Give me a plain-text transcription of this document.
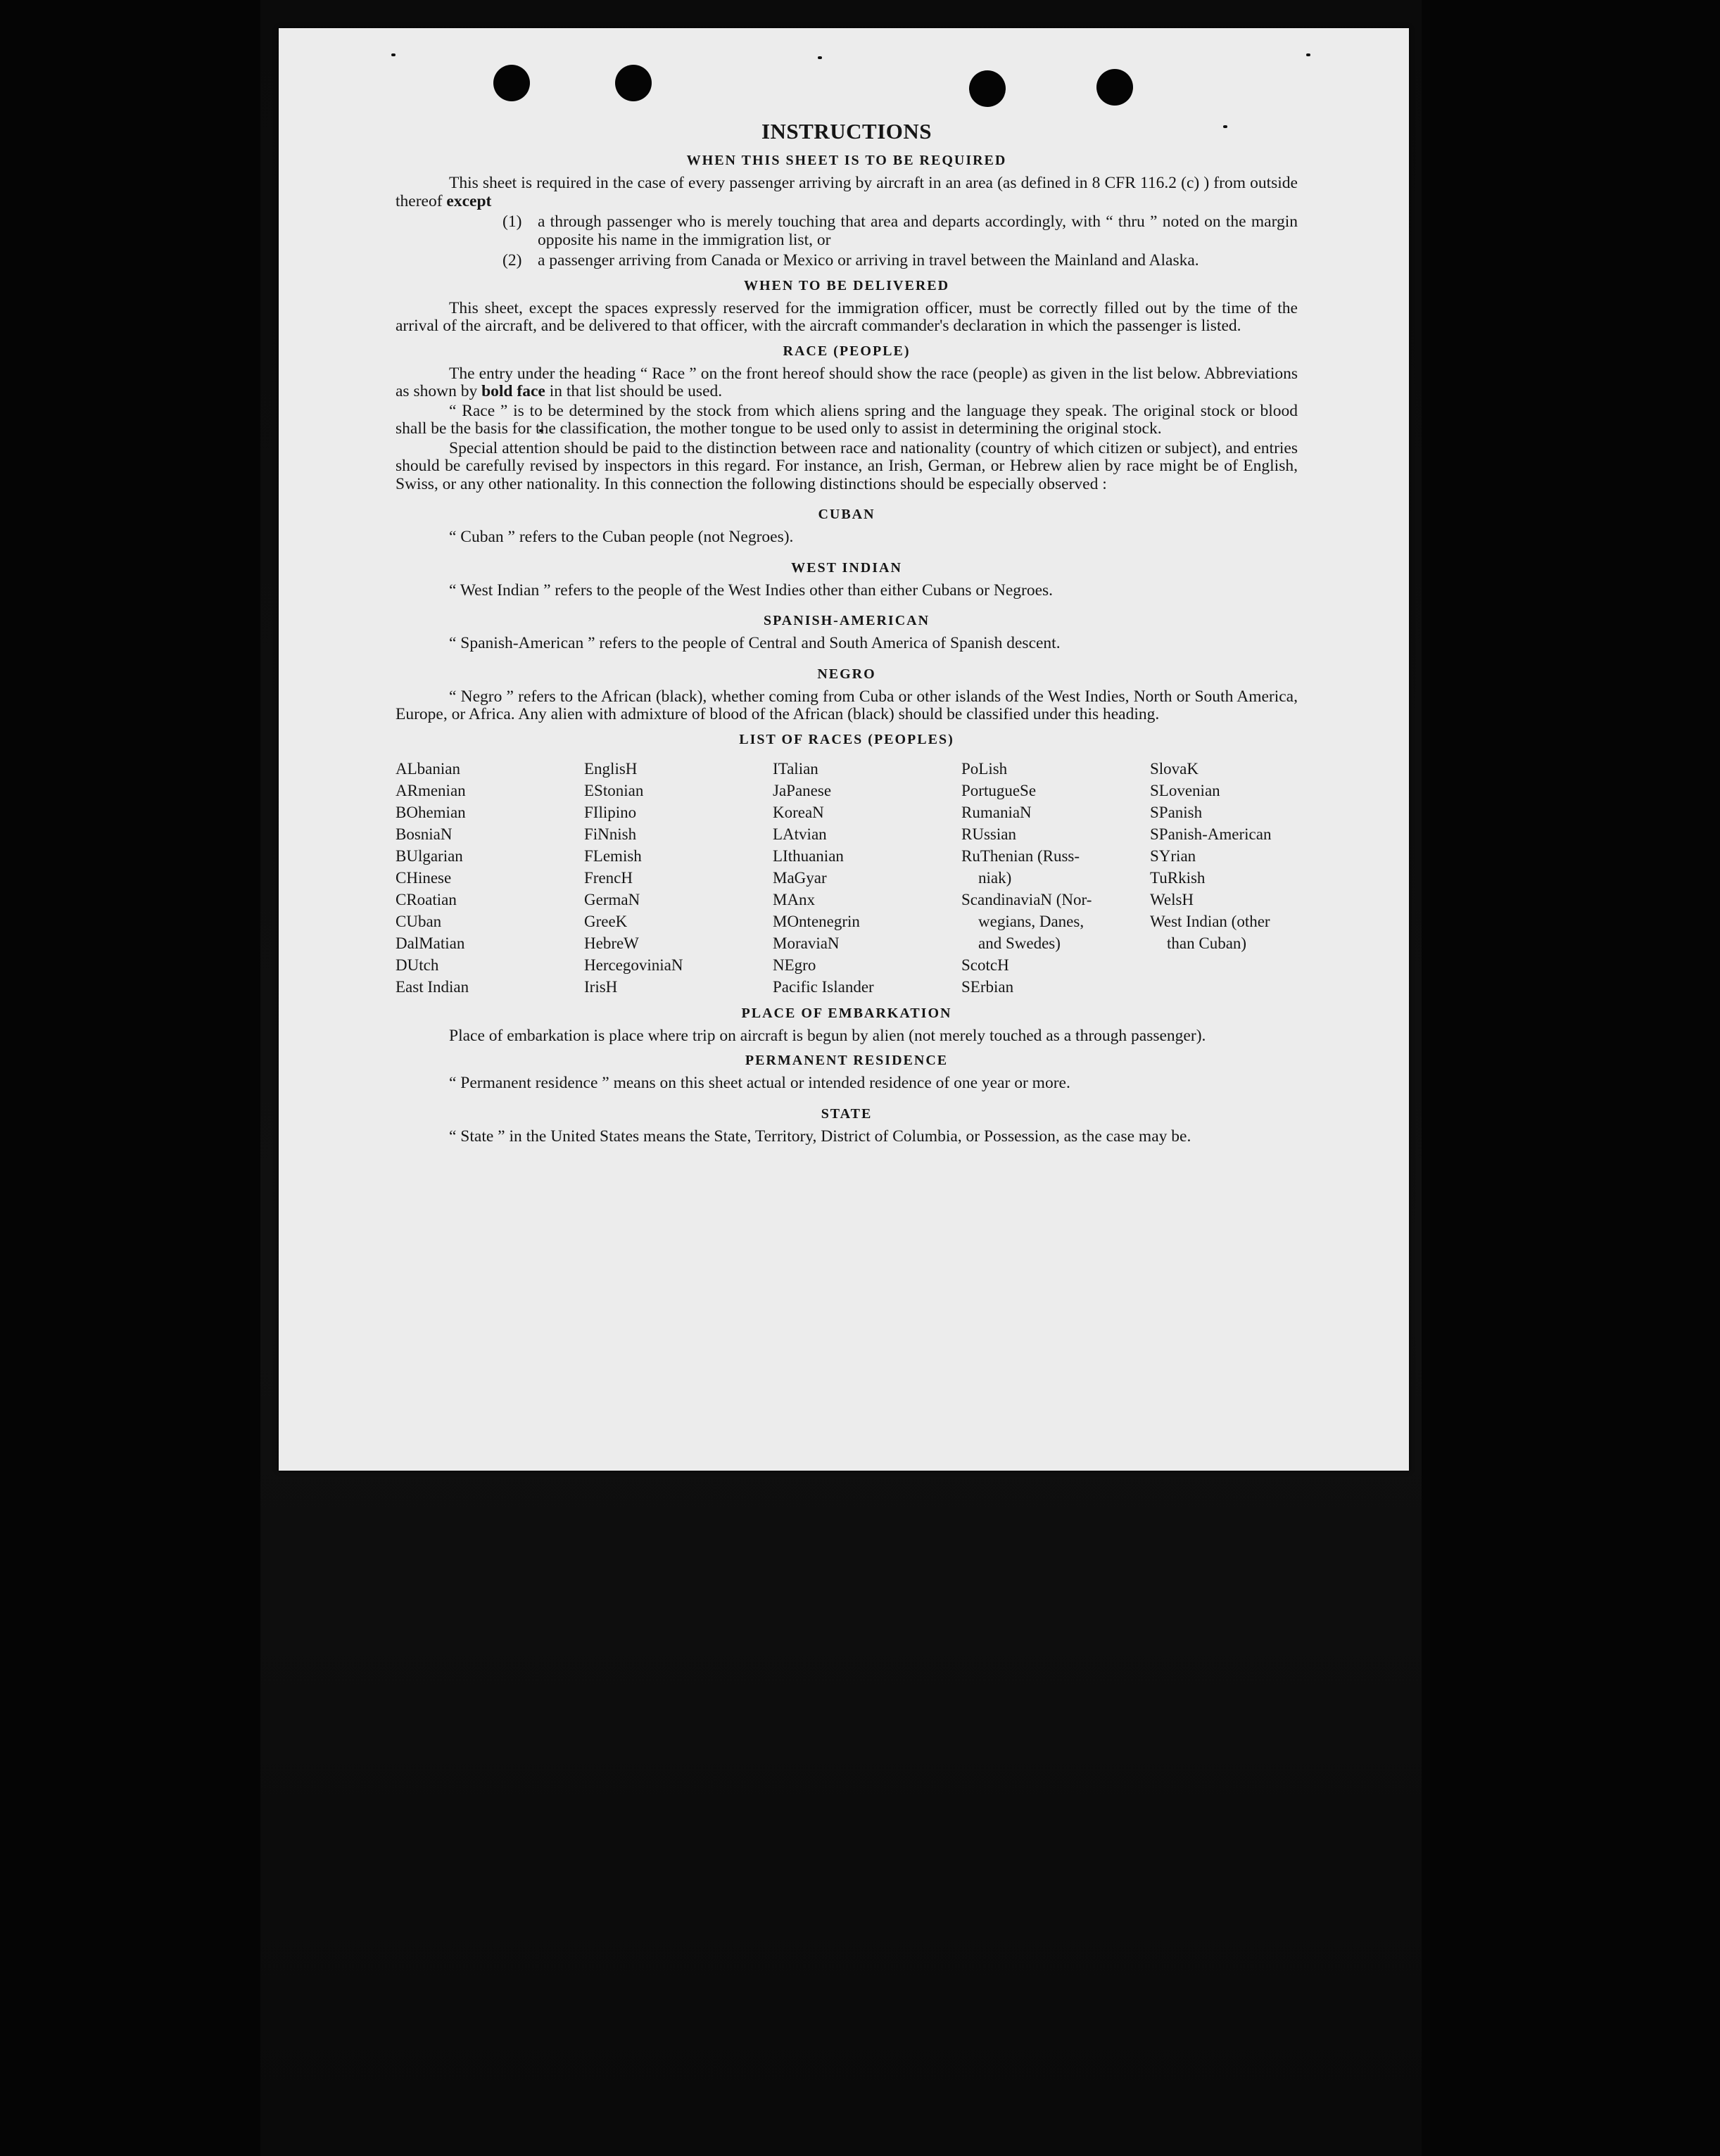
INSTRUCTIONS
WHEN THIS SHEET IS TO BE REQUIRED

This sheet is required in the case of every passenger arriving by aircraft in an area (as defined in 8 CFR 116.2 (c) ) from outside thereof except

(1) a through passenger who is merely touching that area and departs accordingly, with “ thru ” noted on the margin opposite his name in the immigration list, or
(2) a passenger arriving from Canada or Mexico or arriving in travel between the Mainland and Alaska.
WHEN TO BE DELIVERED

This sheet, except the spaces expressly reserved for the immigration officer, must be correctly filled out by the time of the arrival of the aircraft, and be delivered to that officer, with the aircraft commander's declaration in which the passenger is listed.

RACE (PEOPLE)

The entry under the heading “ Race ” on the front hereof should show the race (people) as given in the list below. Abbreviations as shown by bold face in that list should be used.

“ Race ” is to be determined by the stock from which aliens spring and the language they speak. The original stock or blood shall be the basis for the classification, the mother tongue to be used only to assist in determining the original stock.

Special attention should be paid to the distinction between race and nationality (country of which citizen or subject), and entries should be carefully revised by inspectors in this regard. For instance, an Irish, German, or Hebrew alien by race might be of English, Swiss, or any other nationality. In this connection the following distinctions should be especially observed :

CUBAN

“ Cuban ” refers to the Cuban people (not Negroes).

WEST INDIAN

“ West Indian ” refers to the people of the West Indies other than either Cubans or Negroes.

SPANISH-AMERICAN

“ Spanish-American ” refers to the people of Central and South America of Spanish descent.

NEGRO

“ Negro ” refers to the African (black), whether coming from Cuba or other islands of the West Indies, North or South America, Europe, or Africa. Any alien with admixture of blood of the African (black) should be classified under this heading.

LIST OF RACES (PEOPLES)
ALbanian
ARmenian
BOhemian
BosniaN
BUlgarian
CHinese
CRoatian
CUban
DalMatian
DUtch
East Indian
EnglisH
EStonian
FIlipino
FiNnish
FLemish
FrencH
GermaN
GreeK
HebreW
HercegoviniaN
IrisH
ITalian
JaPanese
KoreaN
LAtvian
LIthuanian
MaGyar
MAnx
MOntenegrin
MoraviaN
NEgro
Pacific Islander
PoLish
PortugueSe
RumaniaN
RUssian
RuThenian (Russ-
niak)
ScandinaviaN (Nor-
wegians, Danes,
and Swedes)
ScotcH
SErbian
SlovaK
SLovenian
SPanish
SPanish-American
SYrian
TuRkish
WelsH
West Indian (other
than Cuban)
PLACE OF EMBARKATION

Place of embarkation is place where trip on aircraft is begun by alien (not merely touched as a through passenger).

PERMANENT RESIDENCE

“ Permanent residence ” means on this sheet actual or intended residence of one year or more.

STATE

“ State ” in the United States means the State, Territory, District of Columbia, or Possession, as the case may be.
